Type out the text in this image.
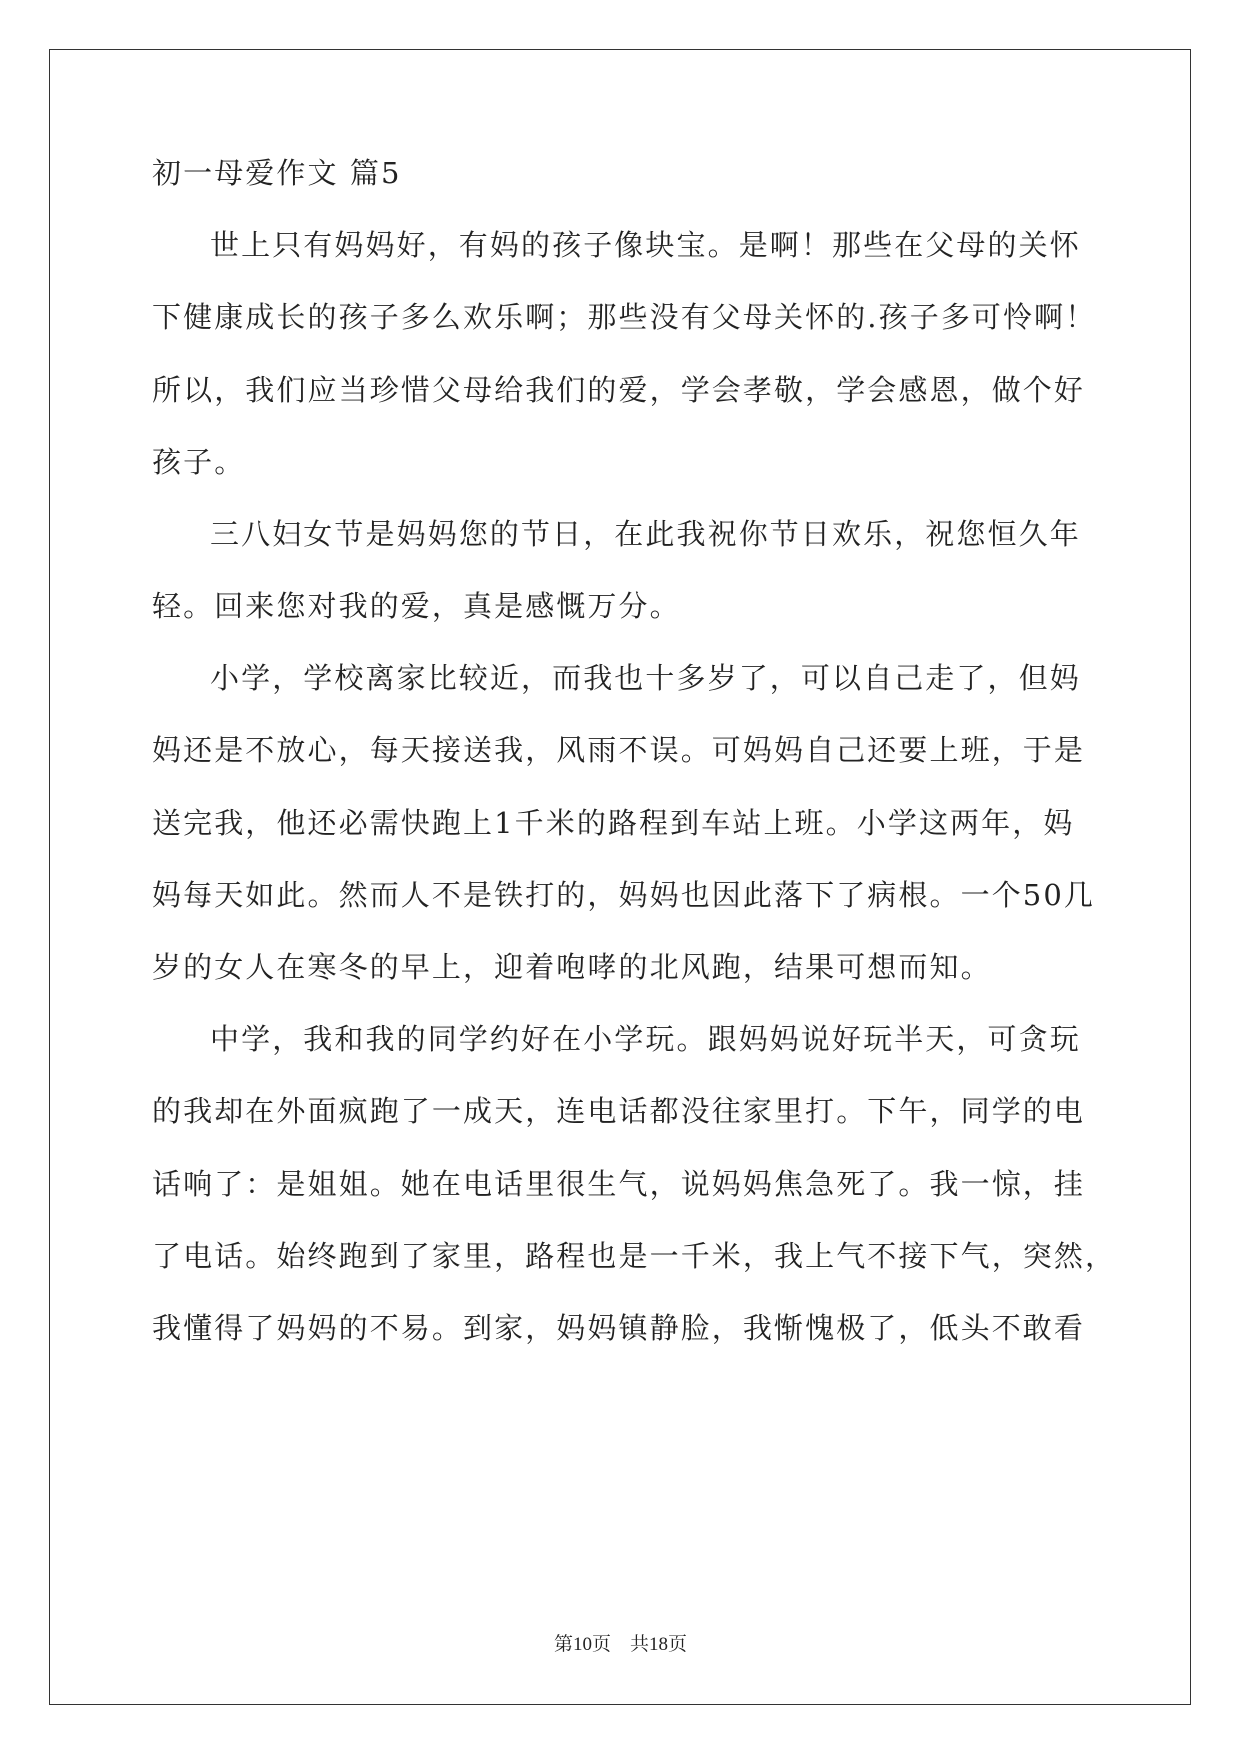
初一母爱作文 篇5
世上只有妈妈好，有妈的孩子像块宝。是啊！那些在父母的关怀
下健康成长的孩子多么欢乐啊；那些没有父母关怀的.孩子多可怜啊！
所以，我们应当珍惜父母给我们的爱，学会孝敬，学会感恩，做个好
孩子。
三八妇女节是妈妈您的节日，在此我祝你节日欢乐，祝您恒久年
轻。回来您对我的爱，真是感慨万分。
小学，学校离家比较近，而我也十多岁了，可以自己走了，但妈
妈还是不放心，每天接送我，风雨不误。可妈妈自己还要上班，于是
送完我，他还必需快跑上1千米的路程到车站上班。小学这两年，妈
妈每天如此。然而人不是铁打的，妈妈也因此落下了病根。一个50几
岁的女人在寒冬的早上，迎着咆哮的北风跑，结果可想而知。
中学，我和我的同学约好在小学玩。跟妈妈说好玩半天，可贪玩
的我却在外面疯跑了一成天，连电话都没往家里打。下午，同学的电
话响了：是姐姐。她在电话里很生气，说妈妈焦急死了。我一惊，挂
了电话。始终跑到了家里，路程也是一千米，我上气不接下气，突然，
我懂得了妈妈的不易。到家，妈妈镇静脸，我惭愧极了，低头不敢看
第10页　共18页
